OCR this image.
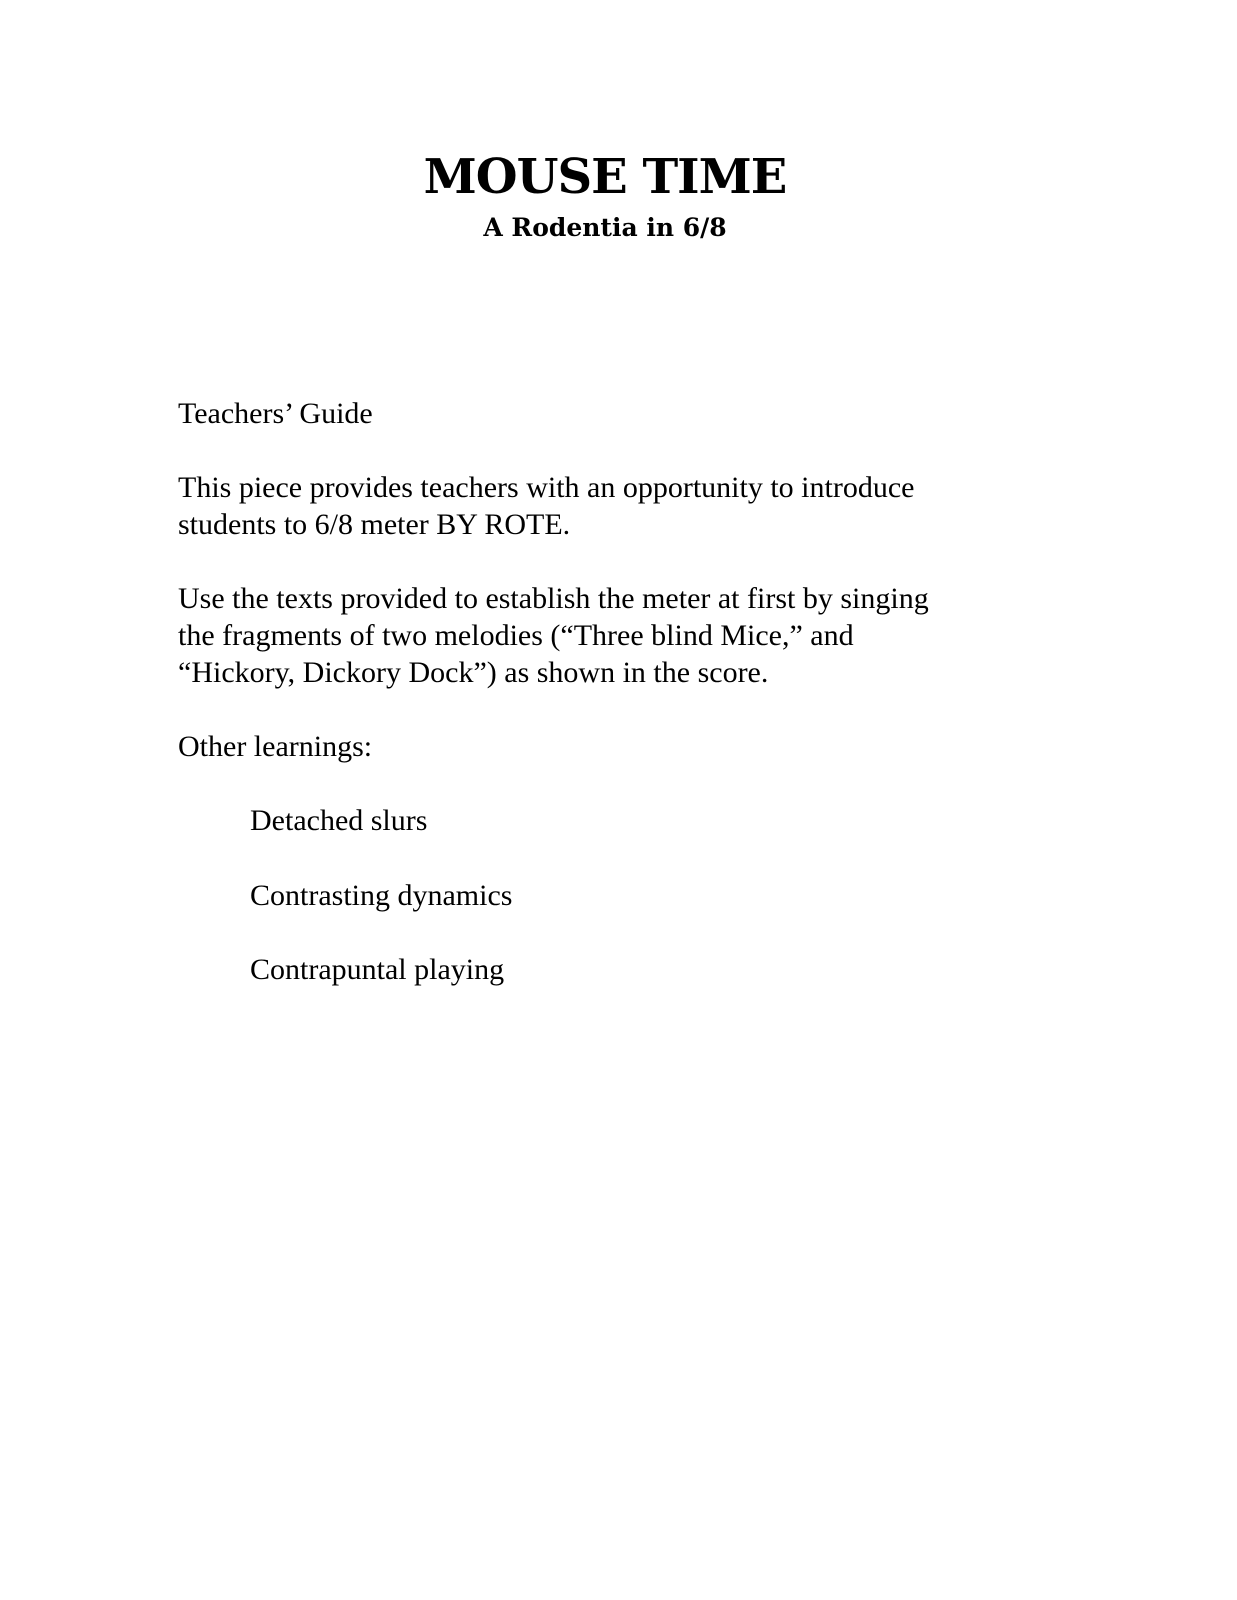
MOUSE TIME
A Rodentia in 6/8

Teachers’ Guide

This piece provides teachers with an opportunity to introduce

students to 6/8 meter BY ROTE.

Use the texts provided to establish the meter at first by singing

the fragments of two melodies (“Three blind Mice,” and

“Hickory, Dickory Dock”) as shown in the score.

Other learnings:

Detached slurs

Contrasting dynamics

Contrapuntal playing
